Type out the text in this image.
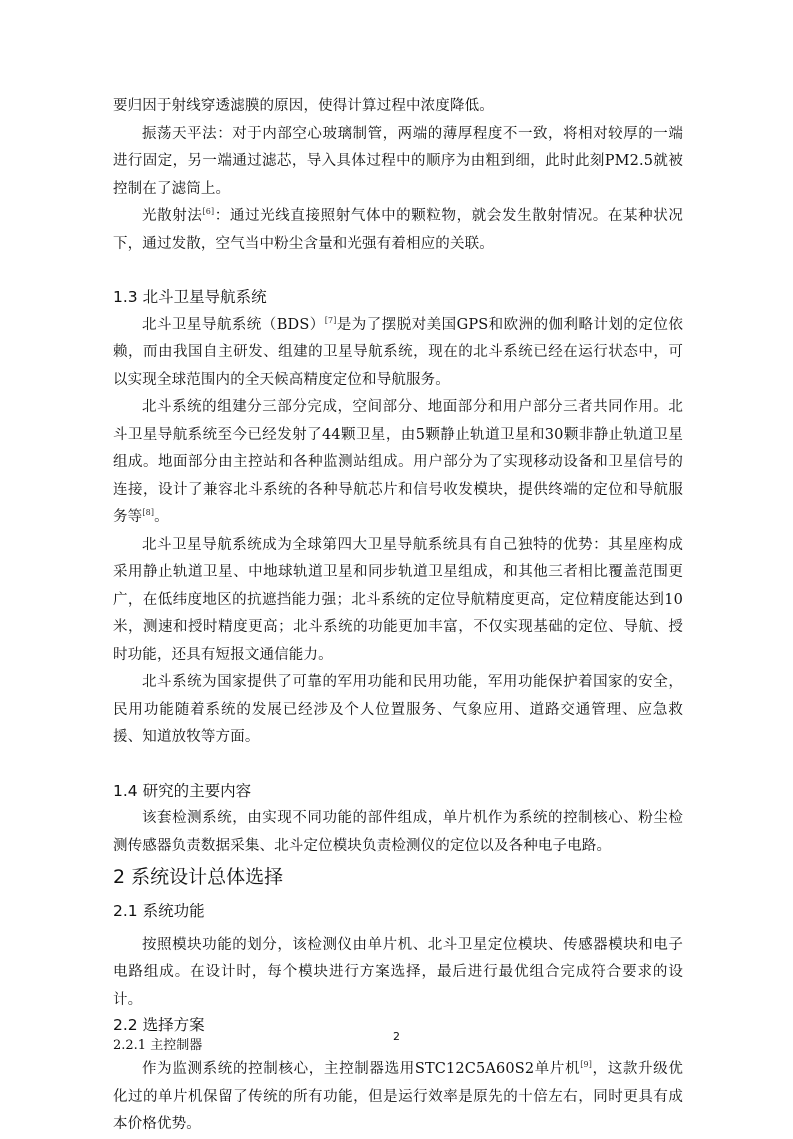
要归因于射线穿透滤膜的原因，使得计算过程中浓度降低。

振荡天平法：对于内部空心玻璃制管，两端的薄厚程度不一致，将相对较厚的一端进行固定，另一端通过滤芯，导入具体过程中的顺序为由粗到细，此时此刻PM2.5就被控制在了滤筒上。

光散射法[6]：通过光线直接照射气体中的颗粒物，就会发生散射情况。在某种状况下，通过发散，空气当中粉尘含量和光强有着相应的关联。

1.3 北斗卫星导航系统

北斗卫星导航系统（BDS）[7]是为了摆脱对美国GPS和欧洲的伽利略计划的定位依赖，而由我国自主研发、组建的卫星导航系统，现在的北斗系统已经在运行状态中，可以实现全球范围内的全天候高精度定位和导航服务。

北斗系统的组建分三部分完成，空间部分、地面部分和用户部分三者共同作用。北斗卫星导航系统至今已经发射了44颗卫星，由5颗静止轨道卫星和30颗非静止轨道卫星组成。地面部分由主控站和各种监测站组成。用户部分为了实现移动设备和卫星信号的连接，设计了兼容北斗系统的各种导航芯片和信号收发模块，提供终端的定位和导航服务等[8]。

北斗卫星导航系统成为全球第四大卫星导航系统具有自己独特的优势：其星座构成采用静止轨道卫星、中地球轨道卫星和同步轨道卫星组成，和其他三者相比覆盖范围更广，在低纬度地区的抗遮挡能力强；北斗系统的定位导航精度更高，定位精度能达到10米，测速和授时精度更高；北斗系统的功能更加丰富，不仅实现基础的定位、导航、授时功能，还具有短报文通信能力。

北斗系统为国家提供了可靠的军用功能和民用功能，军用功能保护着国家的安全，民用功能随着系统的发展已经涉及个人位置服务、气象应用、道路交通管理、应急救援、知道放牧等方面。

1.4 研究的主要内容

该套检测系统，由实现不同功能的部件组成，单片机作为系统的控制核心、粉尘检测传感器负责数据采集、北斗定位模块负责检测仪的定位以及各种电子电路。

2 系统设计总体选择
2.1 系统功能

按照模块功能的划分，该检测仪由单片机、北斗卫星定位模块、传感器模块和电子电路组成。在设计时，每个模块进行方案选择，最后进行最优组合完成符合要求的设计。

2.2 选择方案
2.2.1 主控制器

作为监测系统的控制核心，主控制器选用STC12C5A60S2单片机[9]，这款升级优化过的单片机保留了传统的所有功能，但是运行效率是原先的十倍左右，同时更具有成本价格优势。

2
